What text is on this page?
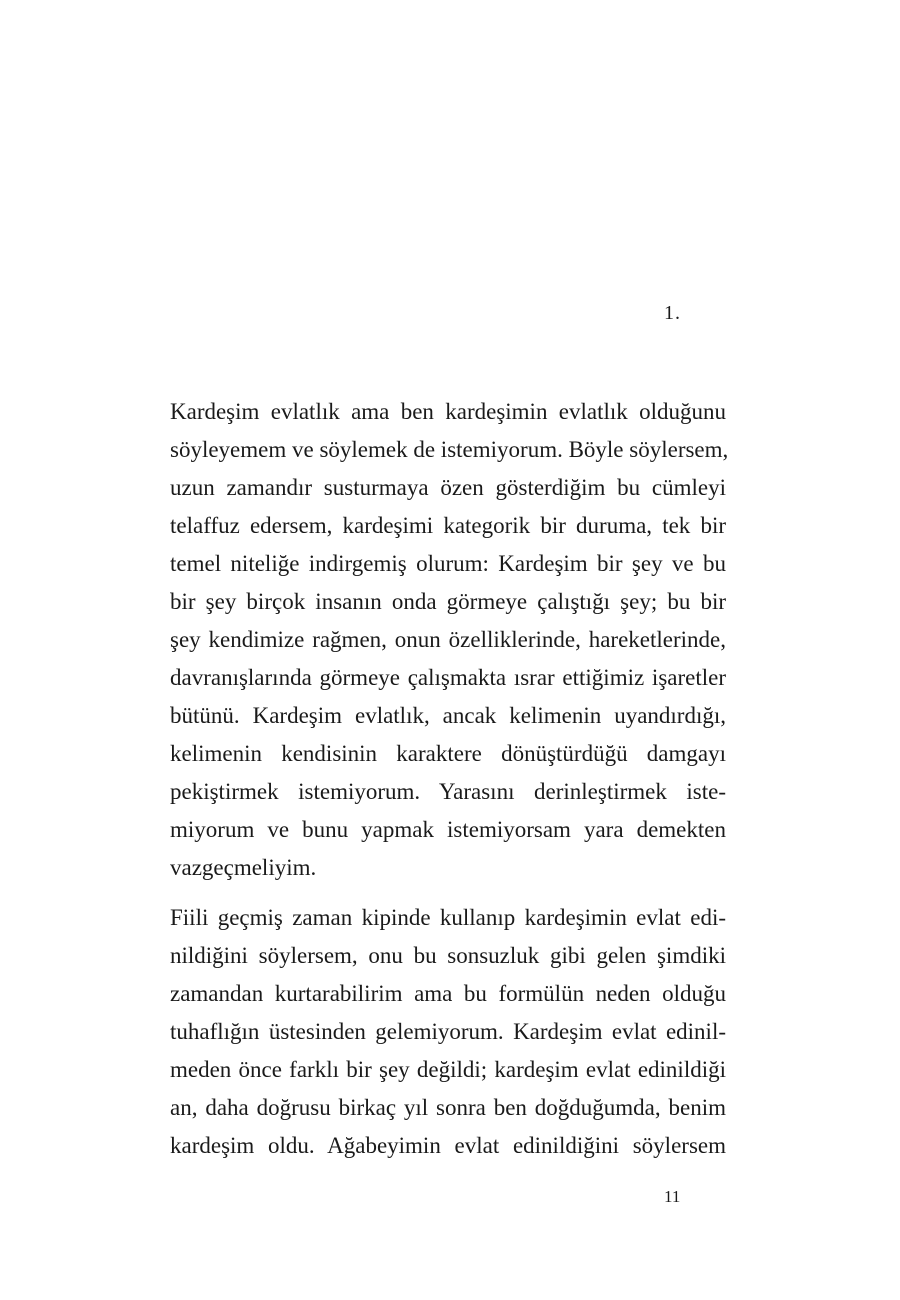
1.
Kardeşim evlatlık ama ben kardeşimin evlatlık olduğunu
söyleyemem ve söylemek de istemiyorum. Böyle söylersem,
uzun zamandır susturmaya özen gösterdiğim bu cümleyi
telaffuz edersem, kardeşimi kategorik bir duruma, tek bir
temel niteliğe indirgemiş olurum: Kardeşim bir şey ve bu
bir şey birçok insanın onda görmeye çalıştığı şey; bu bir
şey kendimize rağmen, onun özelliklerinde, hareketlerinde,
davranışlarında görmeye çalışmakta ısrar ettiğimiz işaretler
bütünü. Kardeşim evlatlık, ancak kelimenin uyandırdığı,
kelimenin kendisinin karaktere dönüştürdüğü damgayı
pekiştirmek istemiyorum. Yarasını derinleştirmek iste-
miyorum ve bunu yapmak istemiyorsam yara demekten
vazgeçmeliyim.
Fiili geçmiş zaman kipinde kullanıp kardeşimin evlat edi-
nildiğini söylersem, onu bu sonsuzluk gibi gelen şimdiki
zamandan kurtarabilirim ama bu formülün neden olduğu
tuhaflığın üstesinden gelemiyorum. Kardeşim evlat edinil-
meden önce farklı bir şey değildi; kardeşim evlat edinildiği
an, daha doğrusu birkaç yıl sonra ben doğduğumda, benim
kardeşim oldu. Ağabeyimin evlat edinildiğini söylersem
11
